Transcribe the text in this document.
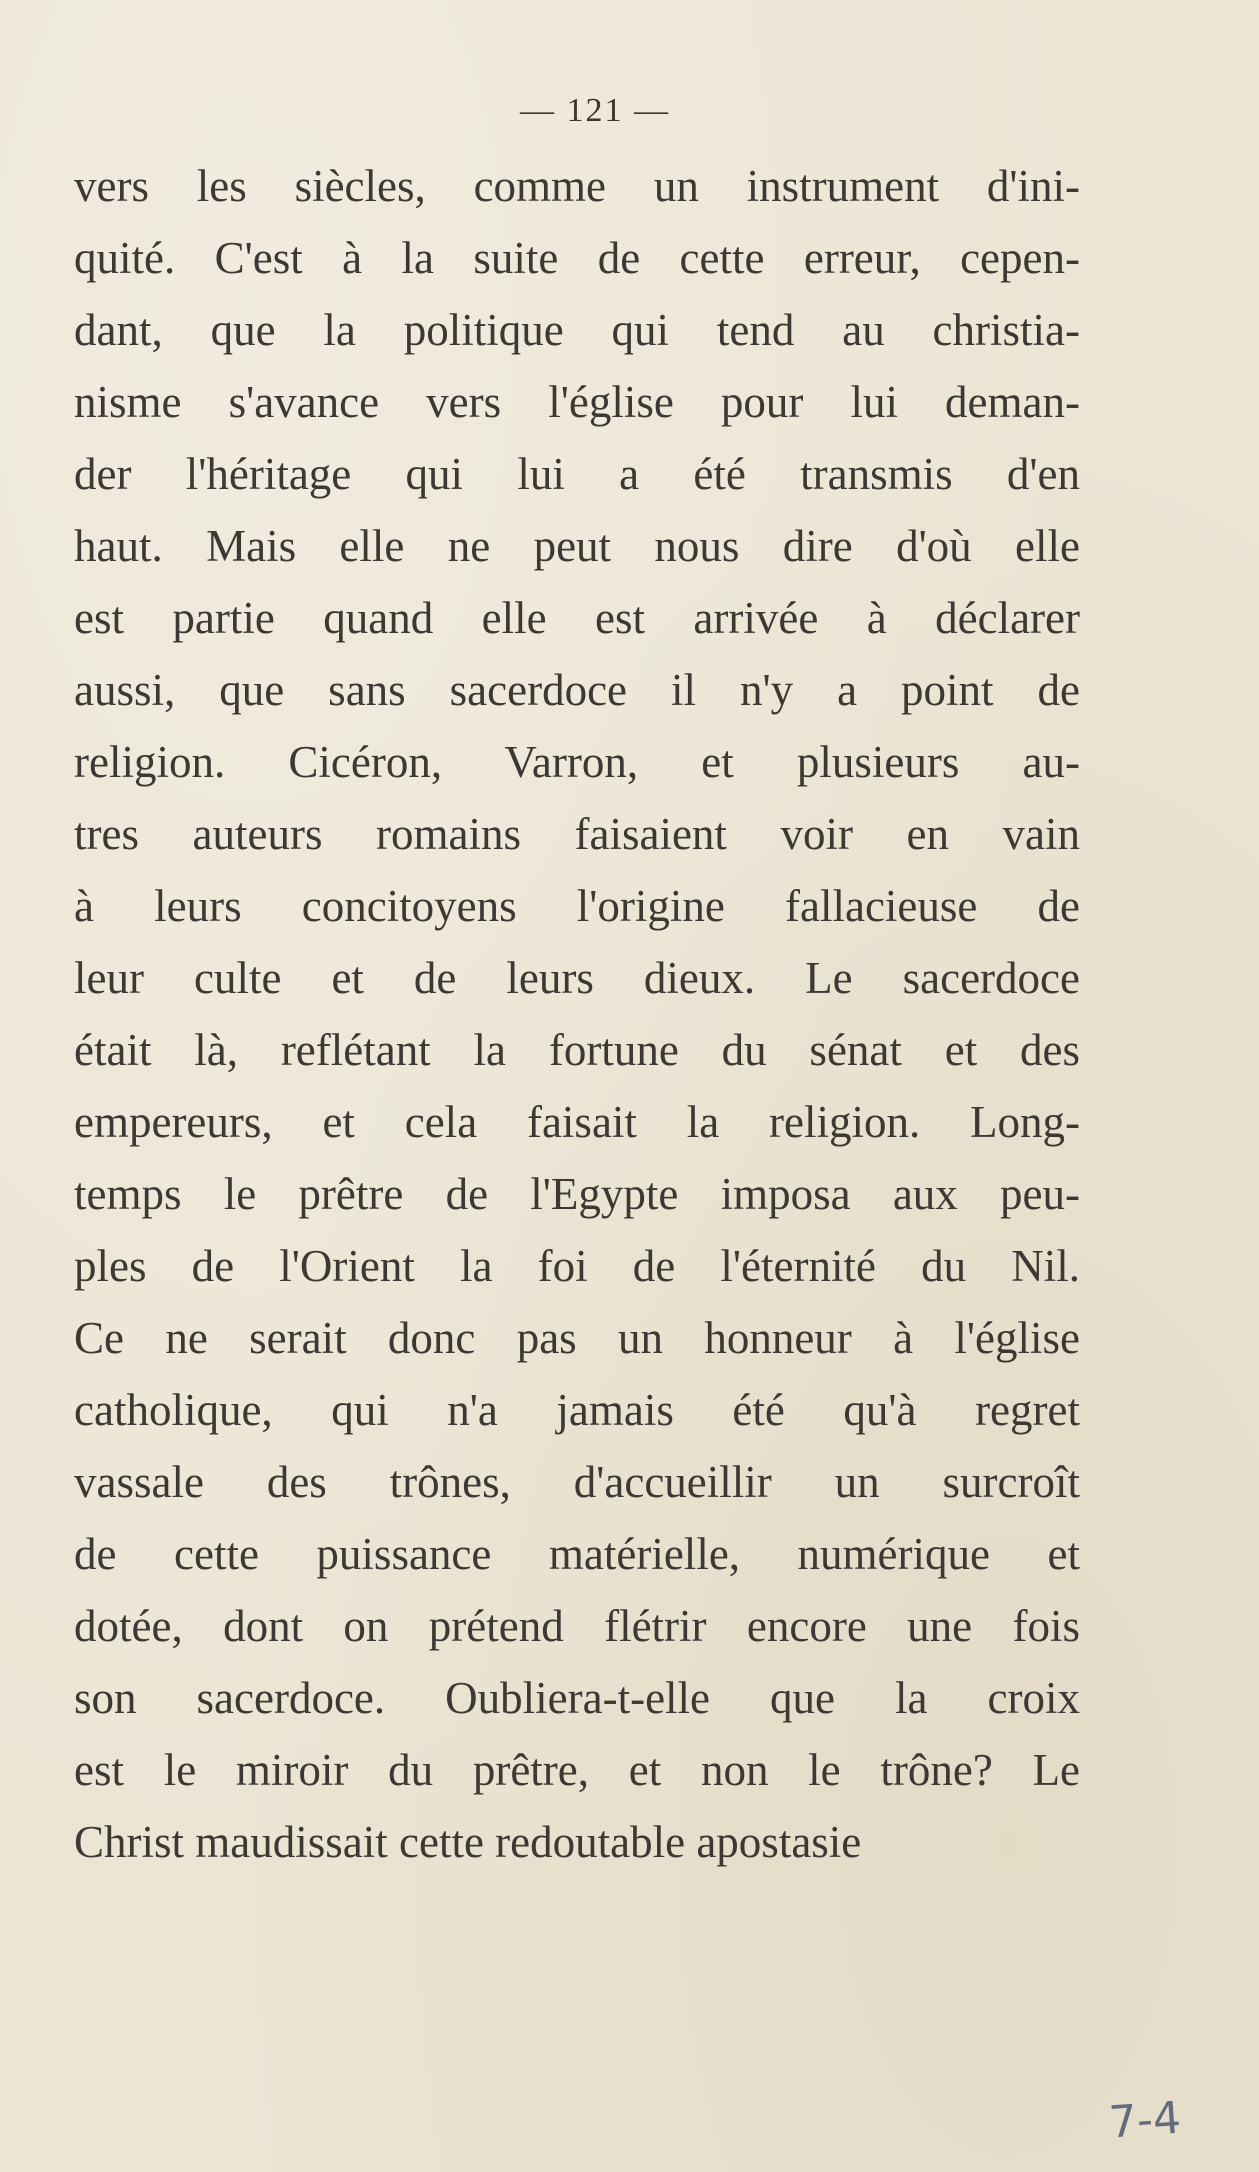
— 121 —
vers les siècles, comme un instrument d'ini-
quité. C'est à la suite de cette erreur, cepen-
dant, que la politique qui tend au christia-
nisme s'avance vers l'église pour lui deman-
der l'héritage qui lui a été transmis d'en
haut. Mais elle ne peut nous dire d'où elle
est partie quand elle est arrivée à déclarer
aussi, que sans sacerdoce il n'y a point de
religion. Cicéron, Varron, et plusieurs au-
tres auteurs romains faisaient voir en vain
à leurs concitoyens l'origine fallacieuse de
leur culte et de leurs dieux. Le sacerdoce
était là, reflétant la fortune du sénat et des
empereurs, et cela faisait la religion. Long-
temps le prêtre de l'Egypte imposa aux peu-
ples de l'Orient la foi de l'éternité du Nil.
Ce ne serait donc pas un honneur à l'église
catholique, qui n'a jamais été qu'à regret
vassale des trônes, d'accueillir un surcroît
de cette puissance matérielle, numérique et
dotée, dont on prétend flétrir encore une fois
son sacerdoce. Oubliera-t-elle que la croix
est le miroir du prêtre, et non le trône? Le
Christ maudissait cette redoutable apostasie
7-4
